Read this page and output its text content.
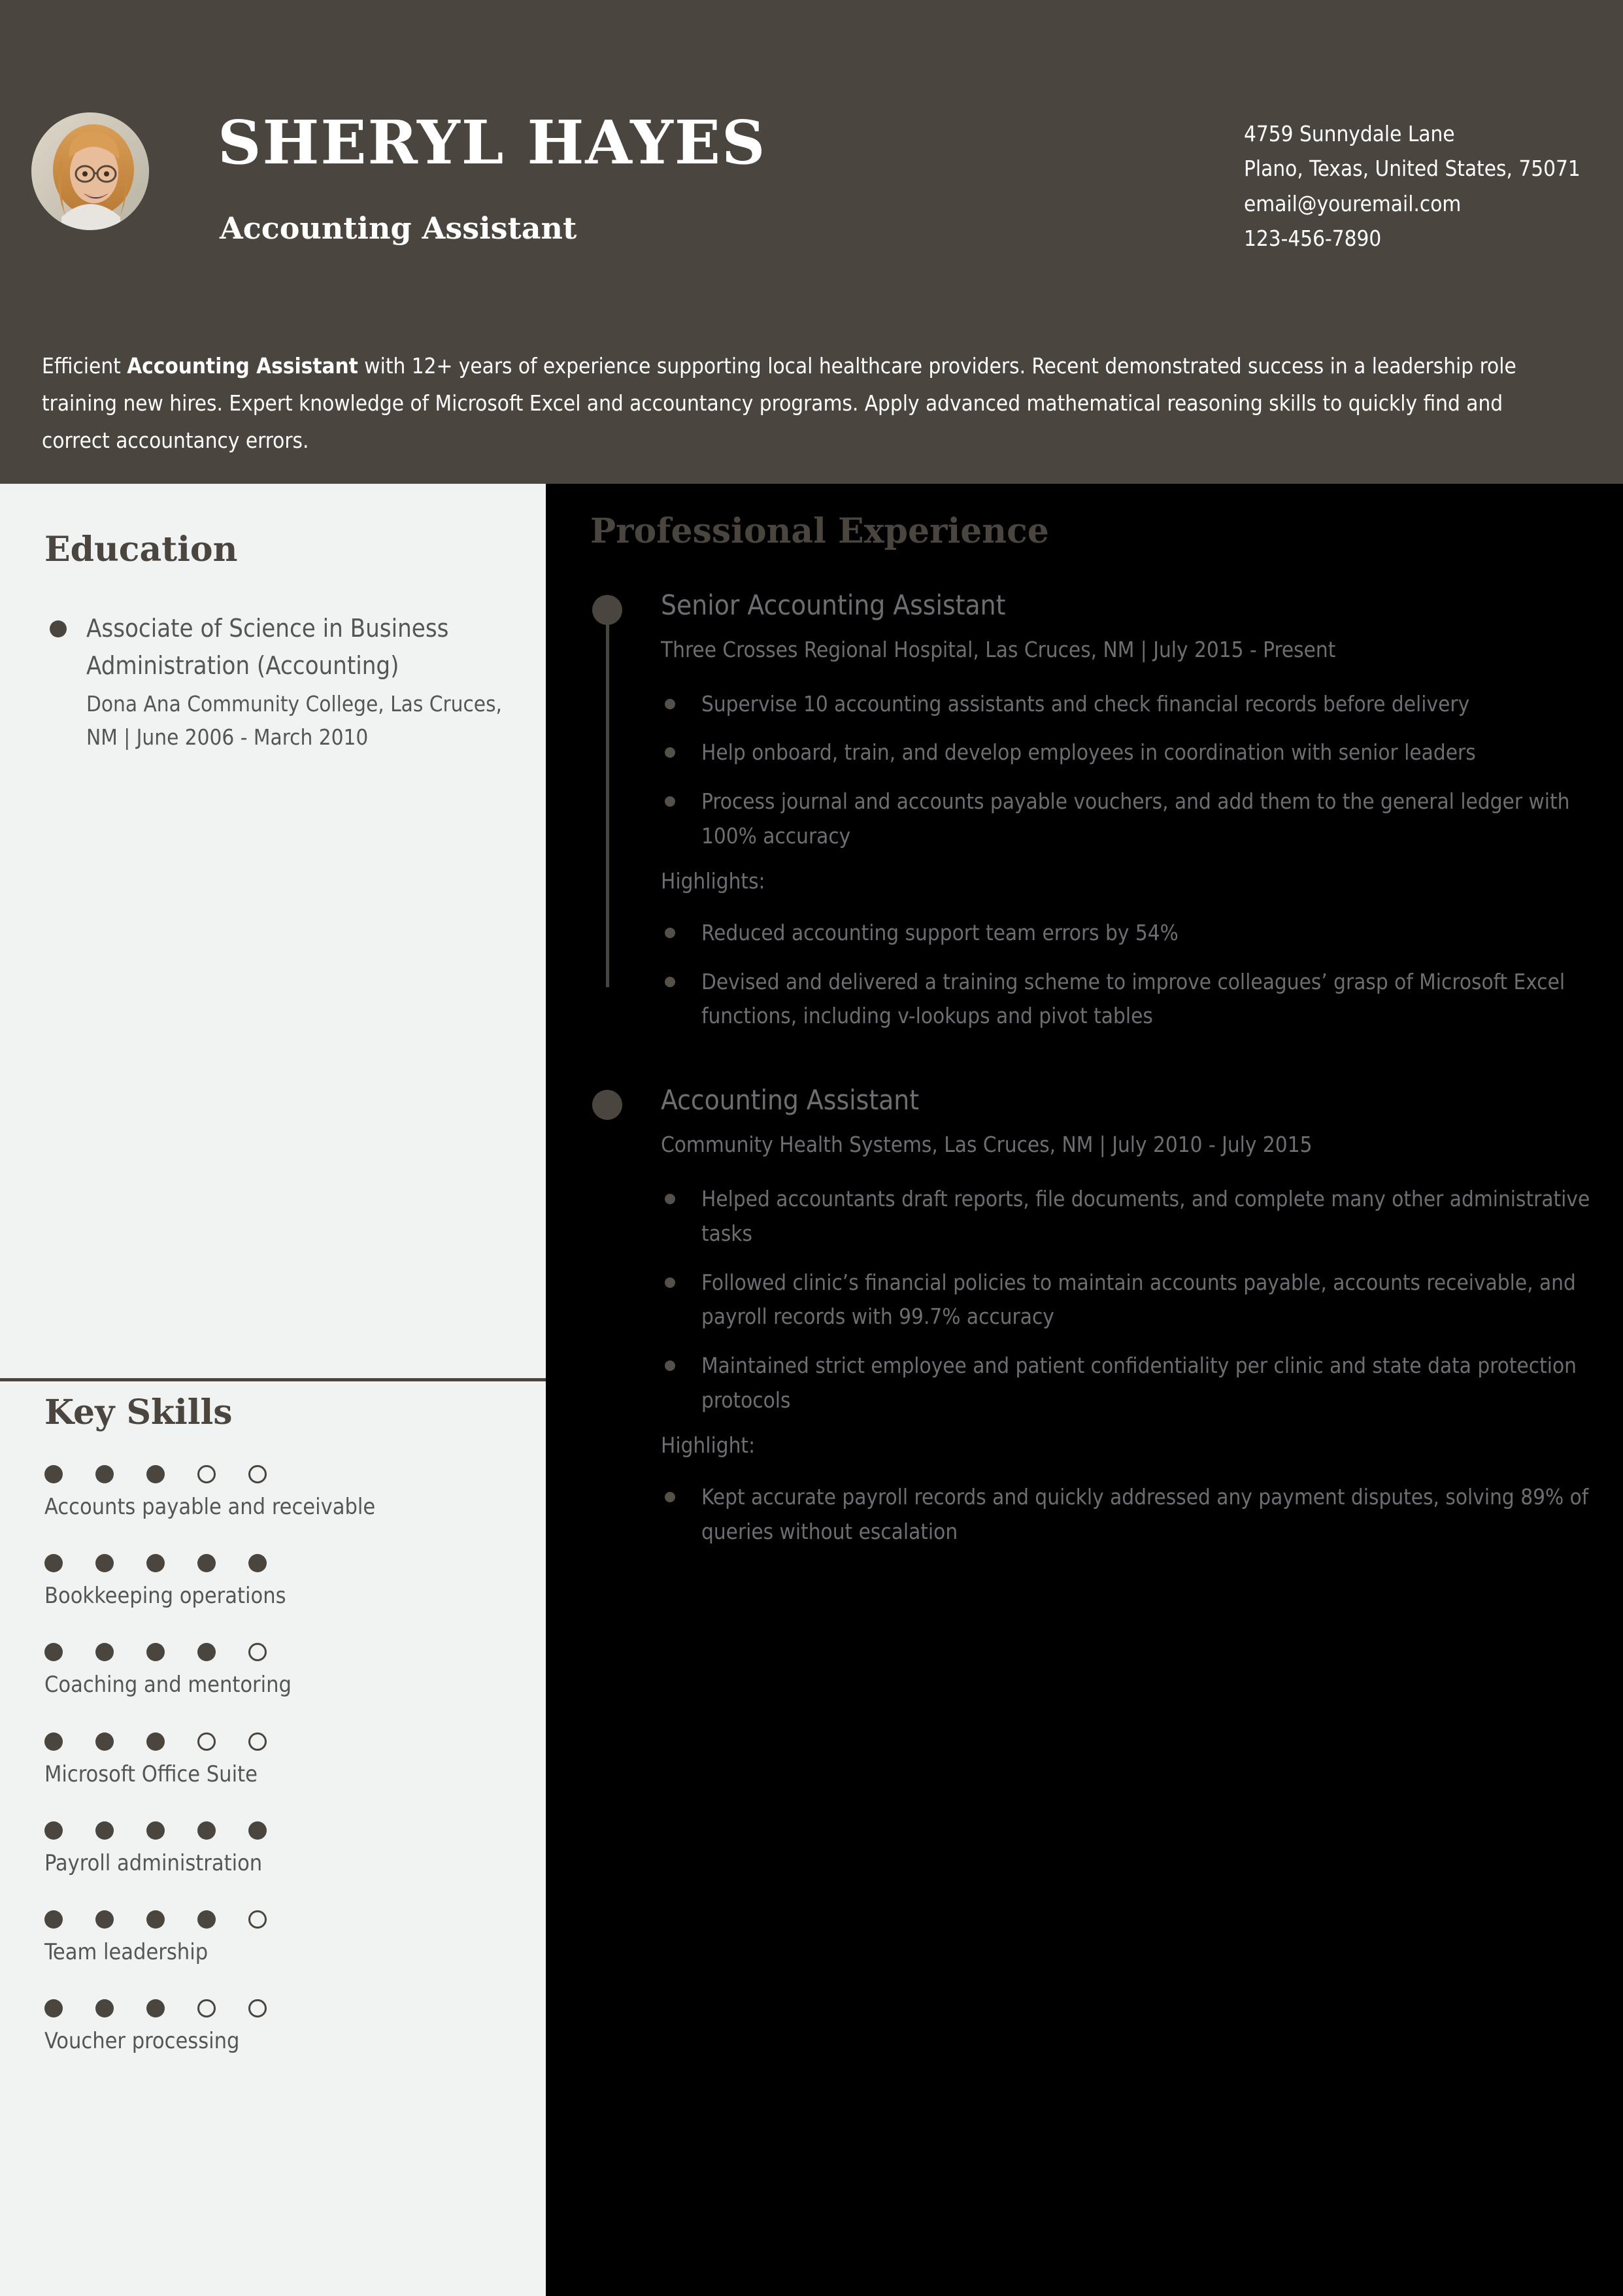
SHERYL HAYES
Accounting Assistant
4759 Sunnydale Lane
Plano, Texas, United States, 75071
email@youremail.com
123-456-7890
Efficient Accounting Assistant with 12+ years of experience supporting local healthcare providers. Recent demonstrated success in a leadership role training new hires. Expert knowledge of Microsoft Excel and accountancy programs. Apply advanced mathematical reasoning skills to quickly find and correct accountancy errors.
Education
Associate of Science in Business Administration (Accounting)
Dona Ana Community College, Las Cruces, NM | June 2006 - March 2010
Key Skills
Accounts payable and receivable
Bookkeeping operations
Coaching and mentoring
Microsoft Office Suite
Payroll administration
Team leadership
Voucher processing
Professional Experience
Senior Accounting Assistant
Three Crosses Regional Hospital, Las Cruces, NM | July 2015 - Present
Supervise 10 accounting assistants and check financial records before delivery
Help onboard, train, and develop employees in coordination with senior leaders
Process journal and accounts payable vouchers, and add them to the general ledger with 100% accuracy
Highlights:
Reduced accounting support team errors by 54%
Devised and delivered a training scheme to improve colleagues’ grasp of Microsoft Excel functions, including v-lookups and pivot tables
Accounting Assistant
Community Health Systems, Las Cruces, NM | July 2010 - July 2015
Helped accountants draft reports, file documents, and complete many other administrative tasks
Followed clinic’s financial policies to maintain accounts payable, accounts receivable, and payroll records with 99.7% accuracy
Maintained strict employee and patient confidentiality per clinic and state data protection protocols
Highlight:
Kept accurate payroll records and quickly addressed any payment disputes, solving 89% of queries without escalation
